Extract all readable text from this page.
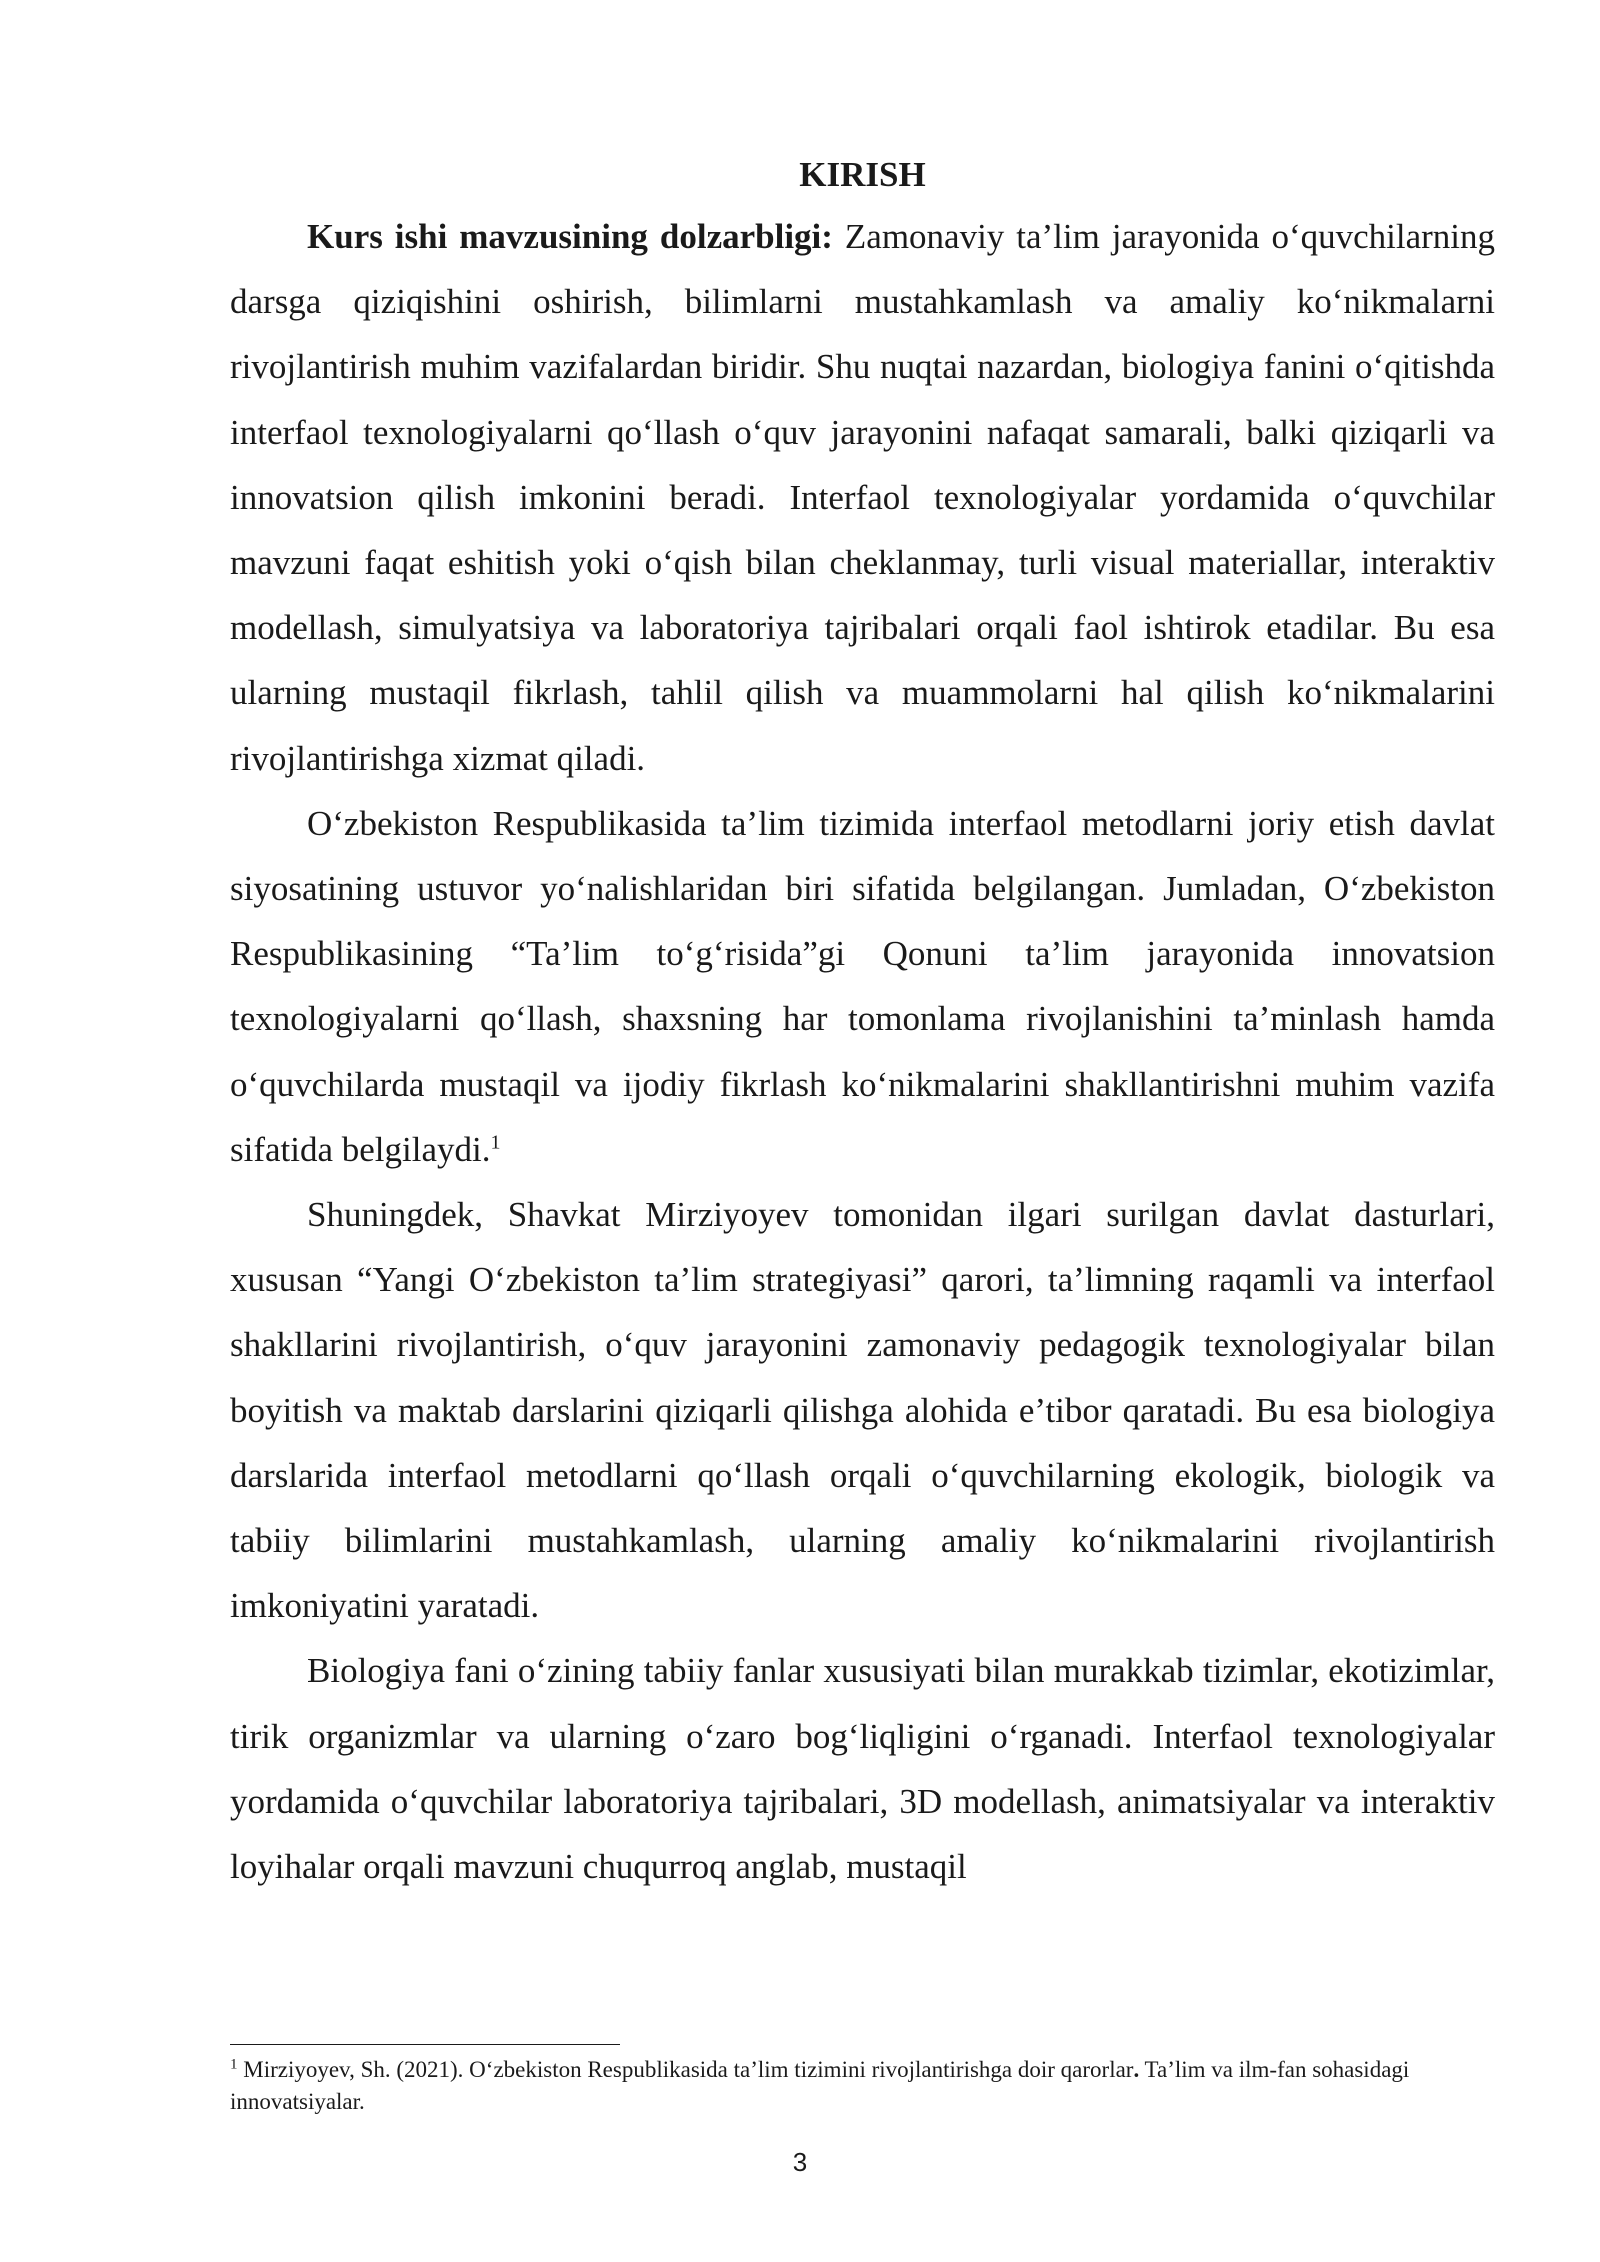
KIRISH

Kurs ishi mavzusining dolzarbligi: Zamonaviy ta’lim jarayonida o‘quvchilarning darsga qiziqishini oshirish, bilimlarni mustahkamlash va amaliy ko‘nikmalarni rivojlantirish muhim vazifalardan biridir. Shu nuqtai nazardan, biologiya fanini o‘qitishda interfaol texnologiyalarni qo‘llash o‘quv jarayonini nafaqat samarali, balki qiziqarli va innovatsion qilish imkonini beradi. Interfaol texnologiyalar yordamida o‘quvchilar mavzuni faqat eshitish yoki o‘qish bilan cheklanmay, turli visual materiallar, interaktiv modellash, simulyatsiya va laboratoriya tajribalari orqali faol ishtirok etadilar. Bu esa ularning mustaqil fikrlash, tahlil qilish va muammolarni hal qilish ko‘nikmalarini rivojlantirishga xizmat qiladi.

O‘zbekiston Respublikasida ta’lim tizimida interfaol metodlarni joriy etish davlat siyosatining ustuvor yo‘nalishlaridan biri sifatida belgilangan. Jumladan, O‘zbekiston Respublikasining “Ta’lim to‘g‘risida”gi Qonuni ta’lim jarayonida innovatsion texnologiyalarni qo‘llash, shaxsning har tomonlama rivojlanishini ta’minlash hamda o‘quvchilarda mustaqil va ijodiy fikrlash ko‘nikmalarini shakllantirishni muhim vazifa sifatida belgilaydi.$^1$

Shuningdek, Shavkat Mirziyoyev tomonidan ilgari surilgan davlat dasturlari, xususan “Yangi O‘zbekiston ta’lim strategiyasi” qarori, ta’limning raqamli va interfaol shakllarini rivojlantirish, o‘quv jarayonini zamonaviy pedagogik texnologiyalar bilan boyitish va maktab darslarini qiziqarli qilishga alohida e’tibor qaratadi. Bu esa biologiya darslarida interfaol metodlarni qo‘llash orqali o‘quvchilarning ekologik, biologik va tabiiy bilimlarini mustahkamlash, ularning amaliy ko‘nikmalarini rivojlantirish imkoniyatini yaratadi.

Biologiya fani o‘zining tabiiy fanlar xususiyati bilan murakkab tizimlar, ekotizimlar, tirik organizmlar va ularning o‘zaro bog‘liqligini o‘rganadi. Interfaol texnologiyalar yordamida o‘quvchilar laboratoriya tajribalari, 3D modellash, animatsiyalar va interaktiv loyihalar orqali mavzuni chuqurroq anglab, mustaqil

$^1$ Mirziyoyev, Sh. (2021). O‘zbekiston Respublikasida ta’lim tizimini rivojlantirishga doir qarorlar. Ta’lim va ilm-fan sohasidagi innovatsiyalar.
3
